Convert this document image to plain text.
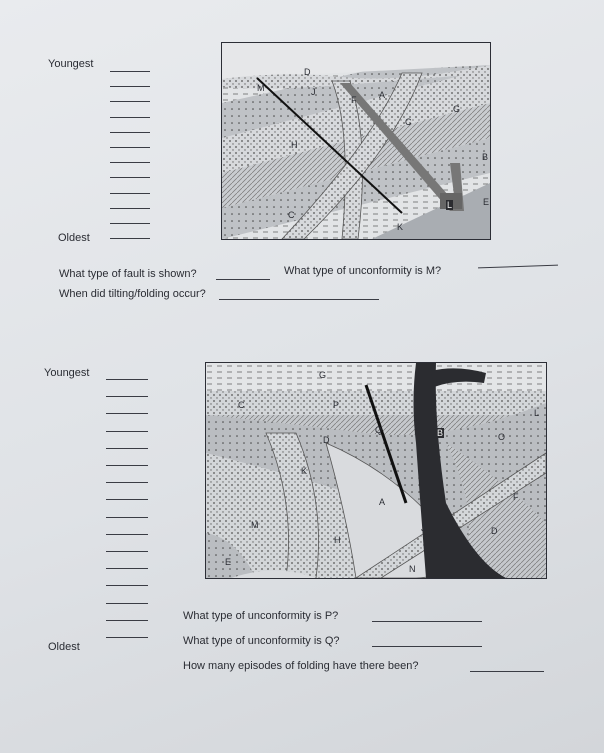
Youngest
Oldest
D
M	J
F	A
G
C
H
B
C
K
L	E
What type of fault is shown?	What type of unconformity is M?
When did tilting/folding occur?
Youngest
Oldest
G
C	P
Q	B
L
O
D
K
A	F
M
H
J	D
E
N
What type of unconformity is P?
What type of unconformity is Q?
How many episodes of folding have there been?
